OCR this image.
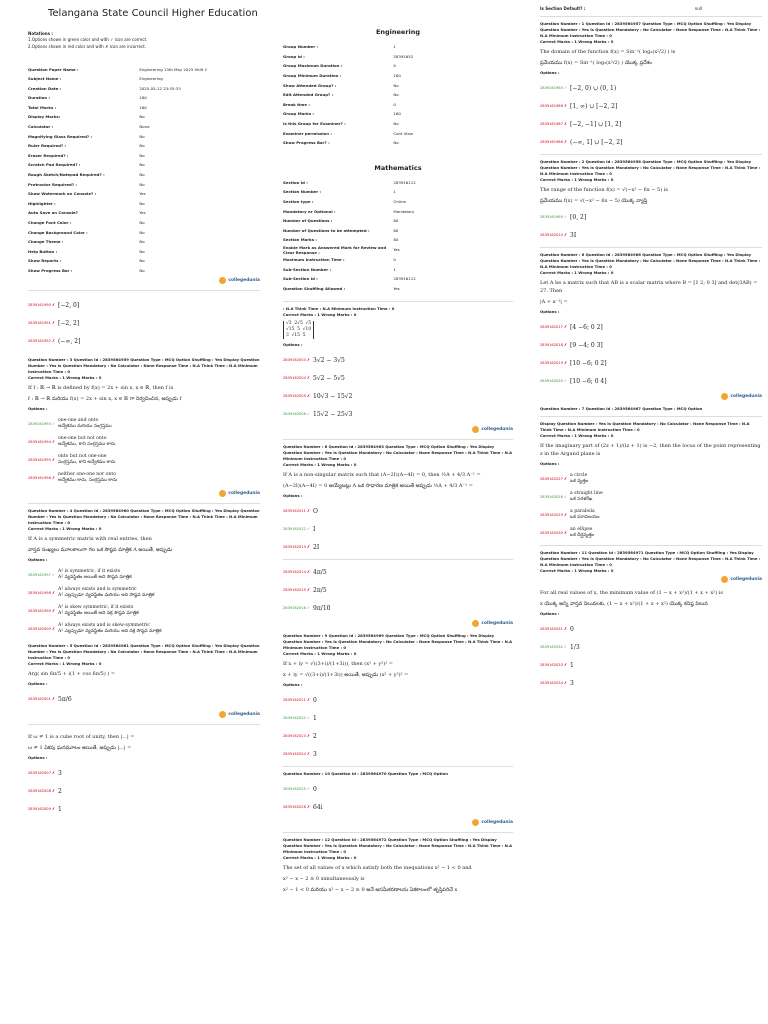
Telangana State Council Higher Education
Notations :
1.Options shown in green color and with ✓ icon are correct.
2.Options shown in red color and with ✗ icon are incorrect.
Question Paper Name :	Engineering 13th May 2025 Shift 2
Subject Name :	Engineering
Creation Date :	2025-05-12 23:55:33
Duration :	180
Total Marks :	160
Display Marks:	No
Calculator :	None
Magnifying Glass Required? :	No
Ruler Required? :	No
Eraser Required? :	No
Scratch Pad Required? :	No
Rough Sketch/Notepad Required? :	No
Protractor Required? :	No
Show Watermark on Console? :	Yes
Highlighter :	No
Auto Save on Console?	Yes
Change Font Color :	No
Change Background Color :	No
Change Theme :	No
Help Button :	No
Show Reports :	No
Show Progress Bar :	No
collegedunia
2839161990 ✗ [−2, 0]
2839161991 ✗ [−2, 2]
2839161992 ✗ (−∞, 2]
Question Number : 3 Question Id : 2839564959 Question Type : MCQ Option Shuffling : Yes Display Question Number : Yes Is Question Mandatory : No Calculator : None Response Time : N.A Think Time : N.A Minimum Instruction Time : 0
Correct Marks : 1 Wrong Marks : 0
If f : ℝ → ℝ is defined by f(x) = 2x + sin x, x ∈ ℝ, then f is
f : ℝ → ℝ మరియు f(x) = 2x + sin x, x ∈ ℝ గా నిర్వచించిన, అప్పుడు f
Options :
2839161993 ✓
one-one and onto
అన్వేకము మరియు సంగ్రస్తము
2839161994 ✗
one-one but not onto
అన్వేకము, కాని సంగ్రస్తము కాదు
2839161995 ✗
onto but not one-one
సంగ్రస్తము, కాని అన్వేకము కాదు
2839161996 ✗
neither one-one nor onto
అన్వేకము కాదు, సంగ్రస్తము కాదు
collegedunia
Question Number : 4 Question Id : 2839564960 Question Type : MCQ Option Shuffling : Yes Display Question Number : Yes Is Question Mandatory : No Calculator : None Response Time : N.A Think Time : N.A Minimum Instruction Time : 0
Correct Marks : 1 Wrong Marks : 0
If A is a symmetric matrix with real entries, then
వాస్తవ సంఖ్యలు మూలకాలుగా గల ఒక సౌష్ఠవ మాత్రిక A అయితే, అప్పుడు
Options :
2839161997 ✓
A² is symmetric, if it exists
A² వ్యవస్థితం అయితే అది సౌష్ఠవ మాత్రిక
2839161998 ✗
A² always exists and is symmetric
A² ఎల్లప్పుడూ వ్యవస్థితం మరియు అది సౌష్ఠవ మాత్రిక
2839161999 ✗
A² is skew symmetric, if it exists
A² వ్యవస్థితం అయితే అది వక్ర సౌష్ఠవ మాత్రిక
2839162000 ✗
A² always exists and is skew-symmetric
A² ఎల్లప్పుడూ వ్యవస్థితం మరియు అది వక్ర సౌష్ఠవ మాత్రిక
Question Number : 5 Question Id : 2839564961 Question Type : MCQ Option Shuffling : Yes Display Question Number : Yes Is Question Mandatory : No Calculator : None Response Time : N.A Think Time : N.A Minimum Instruction Time : 0
Correct Marks : 1 Wrong Marks : 0
Arg( sin 6π/5 + i(1 + cos 6π/5) ) =
Options :
2839162001 ✗ 5π/6
collegedunia
If ω ≠ 1 is a cube root of unity, then |...| =
ω ≠ 1 ఏకపు ఘనమూలం అయితే, అప్పుడు |...| =
Options :
2839162007 ✗ 3
2839162008 ✗ 2
2839162009 ✗ 1
Engineering
Group Number :	1
Group Id :	28391652
Group Maximum Duration :	0
Group Minimum Duration :	180
Show Attended Group? :	No
Edit Attended Group? :	No
Break time :	0
Group Marks :	160
Is this Group for Examiner? :	No
Examiner permission :	Cant View
Show Progress Bar? :	No
Mathematics
Section Id :	283916112
Section Number :	1
Section type :	Online
Mandatory or Optional :	Mandatory
Number of Questions :	80
Number of Questions to be attempted :	80
Section Marks :	80
Enable Mark as Answered Mark for Review and Clear Response :	Yes
Maximum Instruction Time :	0
Sub-Section Number :	1
Sub-Section Id :	283916112
Question Shuffling Allowed :	Yes
: N.A Think Time : N.A Minimum Instruction Time : 0
Correct Marks : 1 Wrong Marks : 0
√3  2√5  √5
√15  5  √10
3  √15  5
Options :
2839162003 ✗ 3√2 − 3√5
2839162004 ✗ 5√2 − 5√5
2839162005 ✗ 10√3 − 15√2
2839162006 ✓ 15√2 − 25√3
collegedunia
Question Number : 6 Question Id : 2839564963 Question Type : MCQ Option Shuffling : Yes Display Question Number : Yes Is Question Mandatory : No Calculator : None Response Time : N.A Think Time : N.A Minimum Instruction Time : 0
Correct Marks : 1 Wrong Marks : 0
If A is a non-singular matrix such that (A−2I)(A−4I) = 0, then ½A + 4/3 A⁻¹ =
(A−2I)(A−4I) = 0 అయ్యేటట్లు A ఒక సాధారణ మాత్రిక అయితే అప్పుడు ½A + 4/3 A⁻¹ =
Options :
2839162011 ✗ O
2839162012 ✓ I
2839162013 ✗ 2I
2839162014 ✗ 4π/5
2839162015 ✗ 2π/5
2839162016 ✓ 9π/10
collegedunia
Question Number : 9 Question Id : 2839564969 Question Type : MCQ Option Shuffling : Yes Display Question Number : Yes Is Question Mandatory : No Calculator : None Response Time : N.A Think Time : N.A Minimum Instruction Time : 0
Correct Marks : 1 Wrong Marks : 0
If x + iy = √((3+i)/(1+3i)), then (x² + y²)² =
x + iy = √((3+i)/(1+3i)) అయితే, అప్పుడు (x² + y²)² =
Options :
2839162021 ✗ 0
2839162022 ✓ 1
2839162023 ✗ 2
2839162024 ✗ 3
Question Number : 10 Question Id : 2839564970 Question Type : MCQ Option
2839162025 ✓ 0
2839162026 ✗ 64i
collegedunia
Question Number : 12 Question Id : 2839564972 Question Type : MCQ Option Shuffling : Yes Display Question Number : Yes Is Question Mandatory : No Calculator : None Response Time : N.A Think Time : N.A Minimum Instruction Time : 0
Correct Marks : 1 Wrong Marks : 0
The set of all values of x which satisfy both the inequations x² − 1 < 0 and
x² − x − 2 ≥ 0 simultaneously is
x² − 1 < 0 మరియు x² − x − 2 ≥ 0 అనే అసమీకరణాలను ఏకకాలంలో తృప్తిపరిచే x
Is Section Default? :	null
Question Number : 1 Question Id : 2839564957 Question Type : MCQ Option Shuffling : Yes Display Question Number : Yes Is Question Mandatory : No Calculator : None Response Time : N.A Think Time : N.A Minimum Instruction Time : 0
Correct Marks : 1 Wrong Marks : 0
The domain of the function f(x) = Sin⁻¹( log₂(x²/2) ) is
ప్రమేయము f(x) = Sin⁻¹( log₂(x²/2) ) యొక్క ప్రదేశం
Options :
2839161985 ✓ [−2, 0) ∪ (0, 1)
2839161986 ✗ [1, ∞) ∪ [−2, 2]
2839161987 ✗ [−2, −1] ∪ [1, 2]
2839161988 ✗ (−∞, 1] ∪ [−2, 2]
Question Number : 2 Question Id : 2839564958 Question Type : MCQ Option Shuffling : Yes Display Question Number : Yes Is Question Mandatory : No Calculator : None Response Time : N.A Think Time : N.A Minimum Instruction Time : 0
Correct Marks : 1 Wrong Marks : 0
The range of the function f(x) = √(−x² − 6x − 5) is
ప్రమేయము f(x) = √(−x² − 6x − 5) యొక్క వ్యాప్తి
2839161989 ✓ [0, 2]
2839162010 ✗ 3I
Question Number : 6 Question Id : 2839564966 Question Type : MCQ Option Shuffling : Yes Display Question Number : Yes Is Question Mandatory : No Calculator : None Response Time : N.A Think Time : N.A Minimum Instruction Time : 0
Correct Marks : 1 Wrong Marks : 0
Let A be a matrix such that AB is a scalar matrix where B = [1 2; 0 3] and det(3AB) = 27. Then
|A + a⁻¹| =
Options :
2839162017 ✗ [4 −6; 0 2]
2839162018 ✗ [9 −4; 0 3]
2839162019 ✗ [10 −6; 0 2]
2839162020 ✓ [10 −6; 0 4]
collegedunia
Question Number : 7 Question Id : 2839564967 Question Type : MCQ Option
Display Question Number : Yes Is Question Mandatory : No Calculator : None Response Time : N.A Think Time : N.A Minimum Instruction Time : 0
Correct Marks : 1 Wrong Marks : 0
If the imaginary part of (2z + 1)/(iz + 1) is −2, then the locus of the point representing z in the Argand plane is
Options :
2839162027 ✗
a circle
ఒక వృత్తం
2839162028 ✓
a straight line
ఒక సరళరేఖ
2839162029 ✗
a parabola
ఒక పరావలయం
2839162030 ✗
an ellipse
ఒక దీర్ఘవృత్తం
Question Number : 11 Question Id : 2839564971 Question Type : MCQ Option Shuffling : Yes Display Question Number : Yes Is Question Mandatory : No Calculator : None Response Time : N.A Think Time : N.A Minimum Instruction Time : 0
Correct Marks : 1 Wrong Marks : 0
collegedunia
For all real values of x, the minimum value of (1 − x + x²)/(1 + x + x²) is
x యొక్క అన్ని వాస్తవ విలువలకు, (1 − x + x²)/(1 + x + x²) యొక్క కనిష్ఠ విలువ
Options :
2839162031 ✗ 0
2839162032 ✓ 1/3
2839162033 ✗ 1
2839162034 ✗ 3
